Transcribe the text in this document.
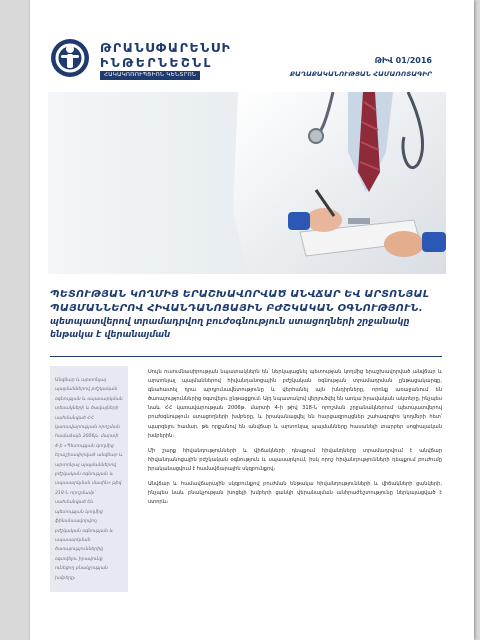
ԹՐԱՆՍՓԱՐԵՆՍԻ
ԻՆԹԵՐՆԵՇՆԼ
ՀԱԿԱԿՈՌՈՒՊՑԻՈՆ ԿԵՆՏՐՈՆ
ԹԻՎ 01/2016
ՔԱՂԱՔԱԿԱՆՈՒԹՅԱՆ ՀԱՄԱՌՈՏԱԳԻՐ
ՊԵՏՈՒԹՅԱՆ ԿՈՂՄԻՑ ԵՐԱՇԽԱՎՈՐՎԱԾ ԱՆՎՃԱՐ ԵՎ ԱՐՏՈՆՅԱԼ ՊԱՅՄԱՆՆԵՐՈՎ ՀԻՎԱՆԴԱՆՈՑԱՅԻՆ ԲԺՇԿԱԿԱՆ ՕԳՆՈՒԹՅՈՒՆ.
պետպատվերով տրամադրվող բուժօգնություն ստացողների շրջանակը ենթակա է վերանայման
Անվճար և արտոնյալ պայմաններով բժշկական օգնության և սպասարկման տեսակների և ծավալների սահմանված ՀՀ կառավարության որոշման համաձայն 2006թ. մարտի 4-ի «Պետության կողմից երաշխավորված անվճար և արտոնյալ պայմաններով բժշկական օգնության և սպասարկման մասին» թիվ 318-Ն որոշմամբ՝ սահմանված են պետության կողմից ֆինանսավորվող բժշկական օգնության և սպասարկման ծառայություններից օգտվելու իրավունք ունեցող բնակչության խմբերը։

Սույն ուսումնասիրության նպատակներն են՝ ներկայացնել պետության կողմից երաշխավորված անվճար և արտոնյալ պայմաններով հիվանդանոցային բժշկական օգնության տրամադրման ընթացակարգը, գնահատել դրա արդյունավետությունը և վերհանել այն խնդիրները, որոնք առաջանում են ծառայություններից օգտվելու ընթացքում։ Այդ նպատակով վերլուծվել են առկա իրավական ակտերը, ինչպես նաև ՀՀ կառավարության 2006թ. մարտի 4-ի թիվ 318-Ն որոշման շրջանակներում պետպատվերով բուժօգնություն ստացողների խմբերը, և իրականացվել են հարցազրույցներ շահագրգիռ կողմերի հետ՝ պարզելու համար, թե որքանով են անվճար և արտոնյալ պայմանները հասանելի տարբեր սոցիալական խմբերին։

Մի շարք հիվանդությունների և վիճակների դեպքում հիվանդները տրամադրվում է անվճար հիվանդանոցային բժշկական օգնություն և սպասարկում, իսկ որոշ հիվանդությունների դեպքում բուժումը իրականացվում է համավճարային սկզբունքով։

Անվճար և համավճարային սկզբունքով բուժման ենթակա հիվանդությունների և վիճակների ցանկերի, ինչպես նաև բնակչության խոցելի խմբերի ցանկի վերանայման անհրաժեշտությունը ներկայացված է ստորև։
